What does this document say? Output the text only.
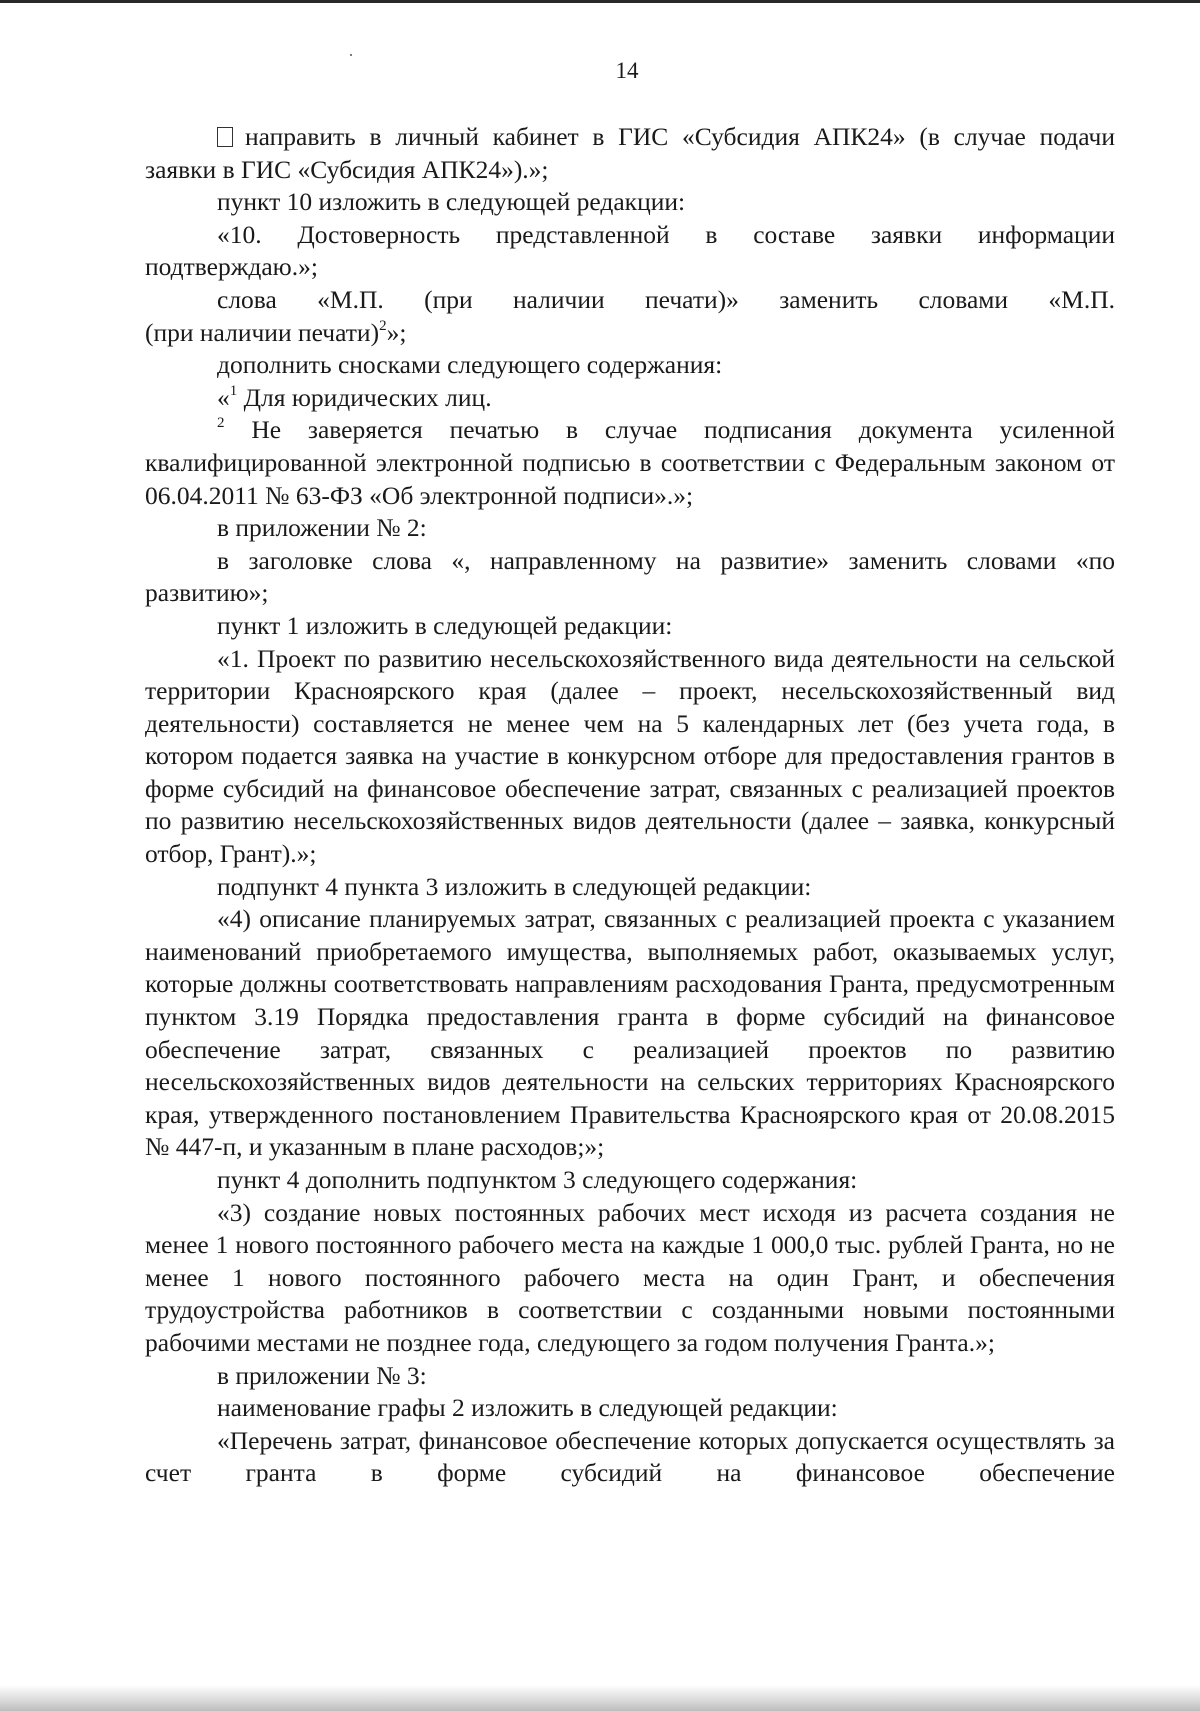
14

направить в личный кабинет в ГИС «Субсидия АПК24» (в случае подачи заявки в ГИС «Субсидия АПК24»).»;

пункт 10 изложить в следующей редакции:

«10. Достоверность представленной в составе заявки информации подтверждаю.»;

слова «М.П. (при наличии печати)» заменить словами «М.П.

(при наличии печати)$^2$»;

дополнить сносками следующего содержания:

«$^1$ Для юридических лиц.

$^2$ Не заверяется печатью в случае подписания документа усиленной квалифицированной электронной подписью в соответствии с Федеральным законом от 06.04.2011 № 63-ФЗ «Об электронной подписи».»;

в приложении № 2:

в заголовке слова «, направленному на развитие» заменить словами «по развитию»;

пункт 1 изложить в следующей редакции:

«1. Проект по развитию несельскохозяйственного вида деятельности на сельской территории Красноярского края (далее – проект, несельскохозяйственный вид деятельности) составляется не менее чем на 5 календарных лет (без учета года, в котором подается заявка на участие в конкурсном отборе для предоставления грантов в форме субсидий на финансовое обеспечение затрат, связанных с реализацией проектов по развитию несельскохозяйственных видов деятельности (далее – заявка, конкурсный отбор, Грант).»;

подпункт 4 пункта 3 изложить в следующей редакции:

«4) описание планируемых затрат, связанных с реализацией проекта с указанием наименований приобретаемого имущества, выполняемых работ, оказываемых услуг, которые должны соответствовать направлениям расходования Гранта, предусмотренным пунктом 3.19 Порядка предоставления гранта в форме субсидий на финансовое обеспечение затрат, связанных с реализацией проектов по развитию несельскохозяйственных видов деятельности на сельских территориях Красноярского края, утвержденного постановлением Правительства Красноярского края от 20.08.2015 № 447-п, и указанным в плане расходов;»;

пункт 4 дополнить подпунктом 3 следующего содержания:

«3) создание новых постоянных рабочих мест исходя из расчета создания не менее 1 нового постоянного рабочего места на каждые 1 000,0 тыс. рублей Гранта, но не менее 1 нового постоянного рабочего места на один Грант, и обеспечения трудоустройства работников в соответствии с созданными новыми постоянными рабочими местами не позднее года, следующего за годом получения Гранта.»;

в приложении № 3:

наименование графы 2 изложить в следующей редакции:

«Перечень затрат, финансовое обеспечение которых допускается осуществлять за счет гранта в форме субсидий на финансовое обеспечение
